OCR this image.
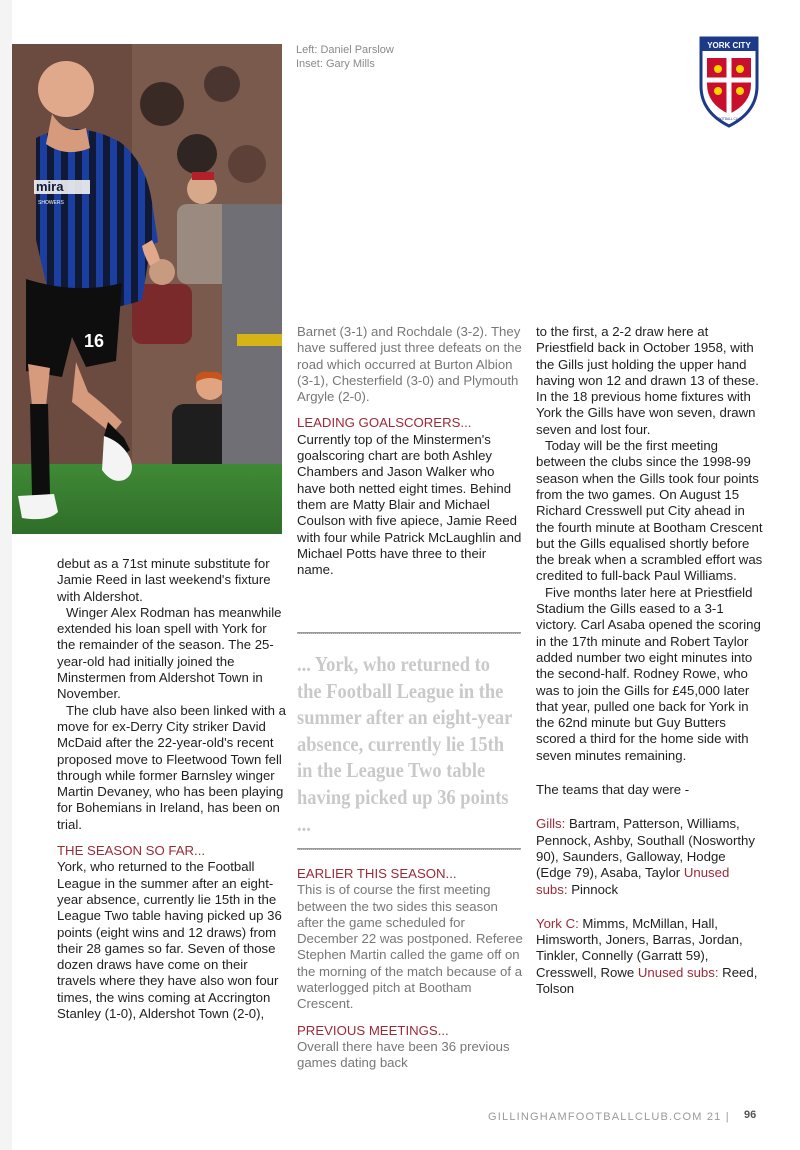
mira
SHOWERS
16
Left: Daniel Parslow
Inset: Gary Mills
YORK CITY
FOOTBALL CLUB

debut as a 71st minute substitute for Jamie Reed in last weekend's fixture with Aldershot.

Winger Alex Rodman has meanwhile extended his loan spell with York for the remainder of the season. The 25-year-old had initially joined the Minstermen from Aldershot Town in November.

The club have also been linked with a move for ex-Derry City striker David McDaid after the 22-year-old's recent proposed move to Fleetwood Town fell through while former Barnsley winger Martin Devaney, who has been playing for Bohemians in Ireland, has been on trial.

THE SEASON SO FAR...

York, who returned to the Football League in the summer after an eight-year absence, currently lie 15th in the League Two table having picked up 36 points (eight wins and 12 draws) from their 28 games so far. Seven of those dozen draws have come on their travels where they have also won four times, the wins coming at Accrington Stanley (1-0), Aldershot Town (2-0),

Barnet (3-1) and Rochdale (3-2). They have suffered just three defeats on the road which occurred at Burton Albion (3-1), Chesterfield (3-0) and Plymouth Argyle (2-0).

LEADING GOALSCORERS...

Currently top of the Minstermen's goalscoring chart are both Ashley Chambers and Jason Walker who have both netted eight times. Behind them are Matty Blair and Michael Coulson with five apiece, Jamie Reed with four while Patrick McLaughlin and Michael Potts have three to their name.

... York, who returned to the Football League in the summer after an eight-year absence, currently lie 15th in the League Two table having picked up 36 points ...

EARLIER THIS SEASON...

This is of course the first meeting between the two sides this season after the game scheduled for December 22 was postponed. Referee Stephen Martin called the game off on the morning of the match because of a waterlogged pitch at Bootham Crescent.

PREVIOUS MEETINGS...

Overall there have been 36 previous games dating back

to the first, a 2-2 draw here at Priestfield back in October 1958, with the Gills just holding the upper hand having won 12 and drawn 13 of these. In the 18 previous home fixtures with York the Gills have won seven, drawn seven and lost four.

Today will be the first meeting between the clubs since the 1998-99 season when the Gills took four points from the two games. On August 15 Richard Cresswell put City ahead in the fourth minute at Bootham Crescent but the Gills equalised shortly before the break when a scrambled effort was credited to full-back Paul Williams.

Five months later here at Priestfield Stadium the Gills eased to a 3-1 victory. Carl Asaba opened the scoring in the 17th minute and Robert Taylor added number two eight minutes into the second-half. Rodney Rowe, who was to join the Gills for £45,000 later that year, pulled one back for York in the 62nd minute but Guy Butters scored a third for the home side with seven minutes remaining.

The teams that day were -

Gills: Bartram, Patterson, Williams, Pennock, Ashby, Southall (Nosworthy 90), Saunders, Galloway, Hodge (Edge 79), Asaba, Taylor Unused subs: Pinnock

York C: Mimms, McMillan, Hall, Himsworth, Joners, Barras, Jordan, Tinkler, Connelly (Garratt 59), Cresswell, Rowe Unused subs: Reed, Tolson

GILLINGHAMFOOTBALLCLUB.COM 21 | 96
